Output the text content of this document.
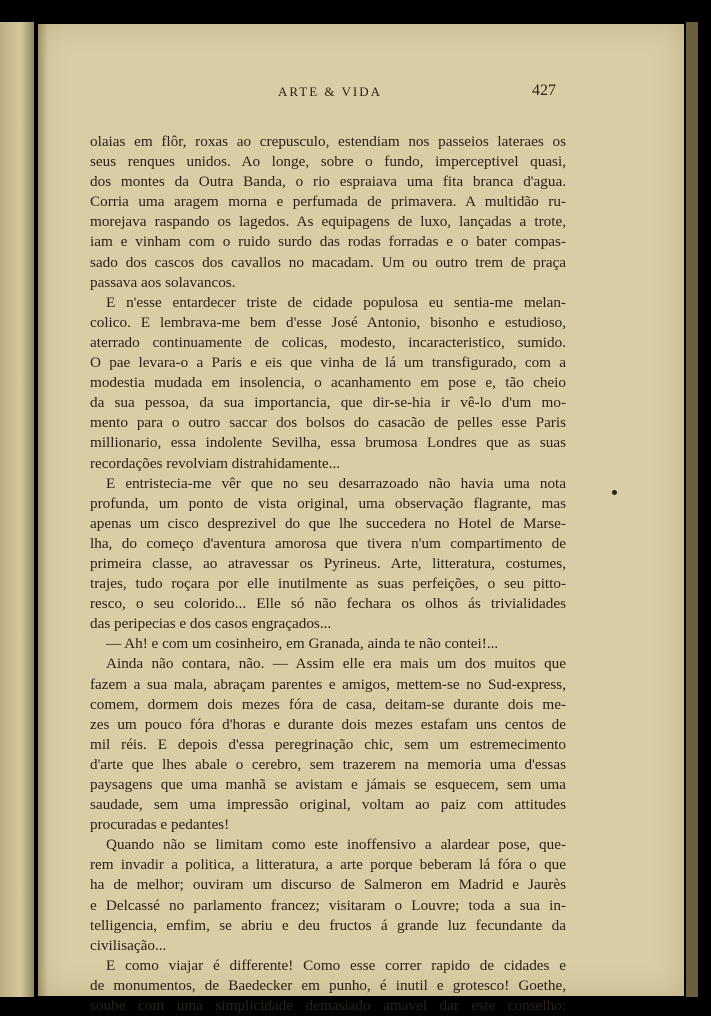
ARTE & VIDA	427
olaias em flôr, roxas ao crepusculo, estendiam nos passeios lateraes os
seus renques unidos. Ao longe, sobre o fundo, imperceptivel quasi,
dos montes da Outra Banda, o rio espraiava uma fita branca d'agua.
Corria uma aragem morna e perfumada de primavera. A multidão ru-
morejava raspando os lagedos. As equipagens de luxo, lançadas a trote,
iam e vinham com o ruido surdo das rodas forradas e o bater compas-
sado dos cascos dos cavallos no macadam. Um ou outro trem de praça
passava aos solavancos.
E n'esse entardecer triste de cidade populosa eu sentia-me melan-
colico. E lembrava-me bem d'esse José Antonio, bisonho e estudioso,
aterrado continuamente de colicas, modesto, incaracteristico, sumido.
O pae levara-o a Paris e eis que vinha de lá um transfigurado, com a
modestia mudada em insolencia, o acanhamento em pose e, tão cheio
da sua pessoa, da sua importancia, que dir-se-hia ir vê-lo d'um mo-
mento para o outro saccar dos bolsos do casacão de pelles esse Paris
millionario, essa indolente Sevilha, essa brumosa Londres que as suas
recordações revolviam distrahidamente...
E entristecia-me vêr que no seu desarrazoado não havia uma nota
profunda, um ponto de vista original, uma observação flagrante, mas
apenas um cisco desprezivel do que lhe succedera no Hotel de Marse-
lha, do começo d'aventura amorosa que tivera n'um compartimento de
primeira classe, ao atravessar os Pyrineus. Arte, litteratura, costumes,
trajes, tudo roçara por elle inutilmente as suas perfeições, o seu pitto-
resco, o seu colorido... Elle só não fechara os olhos ás trivialidades
das peripecias e dos casos engraçados...
— Ah! e com um cosinheiro, em Granada, ainda te não contei!...
Ainda não contara, não. — Assim elle era mais um dos muitos que
fazem a sua mala, abraçam parentes e amigos, mettem-se no Sud-express,
comem, dormem dois mezes fóra de casa, deitam-se durante dois me-
zes um pouco fóra d'horas e durante dois mezes estafam uns centos de
mil réis. E depois d'essa peregrinação chic, sem um estremecimento
d'arte que lhes abale o cerebro, sem trazerem na memoria uma d'essas
paysagens que uma manhã se avistam e jámais se esquecem, sem uma
saudade, sem uma impressão original, voltam ao paiz com attitudes
procuradas e pedantes!
Quando não se limitam como este inoffensivo a alardear pose, que-
rem invadir a politica, a litteratura, a arte porque beberam lá fóra o que
ha de melhor; ouviram um discurso de Salmeron em Madrid e Jaurès
e Delcassé no parlamento francez; visitaram o Louvre; toda a sua in-
telligencia, emfim, se abriu e deu fructos á grande luz fecundante da
civilisação...
E como viajar é differente! Como esse correr rapido de cidades e
de monumentos, de Baedecker em punho, é inutil e grotesco! Goethe,
soube com uma simplicidade demasiado amavel dar este conselho:
